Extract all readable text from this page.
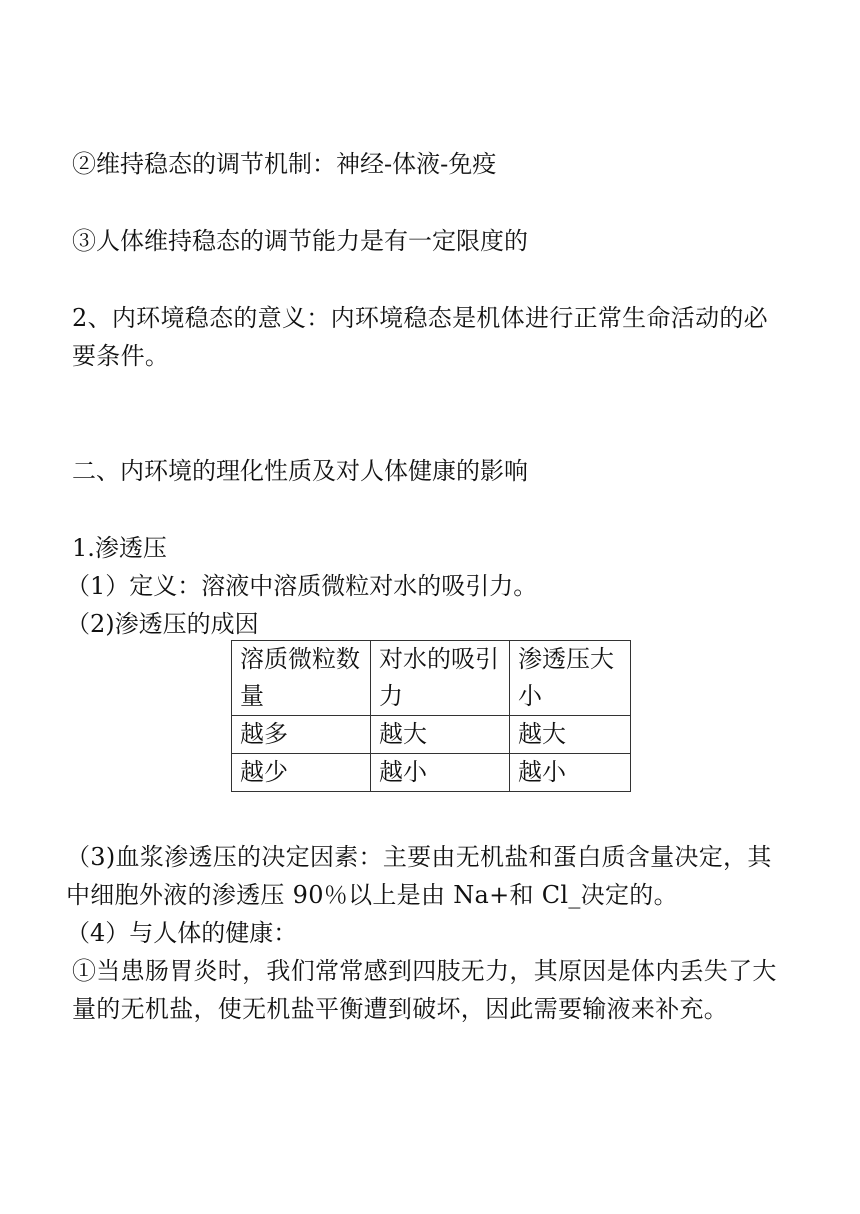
②维持稳态的调节机制：神经-体液-免疫
③人体维持稳态的调节能力是有一定限度的
2、内环境稳态的意义：内环境稳态是机体进行正常生命活动的必要条件。
二、内环境的理化性质及对人体健康的影响
1.渗透压
（1）定义：溶液中溶质微粒对水的吸引力。
（2)渗透压的成因
溶质微粒数量	对水的吸引力	渗透压大小
越多	越大	越大
越少	越小	越小
（3)血浆渗透压的决定因素：主要由无机盐和蛋白质含量决定，其中细胞外液的渗透压 90％以上是由 Na+和 Cl_决定的。
（4）与人体的健康：
①当患肠胃炎时，我们常常感到四肢无力，其原因是体内丢失了大量的无机盐，使无机盐平衡遭到破坏，因此需要输液来补充。
